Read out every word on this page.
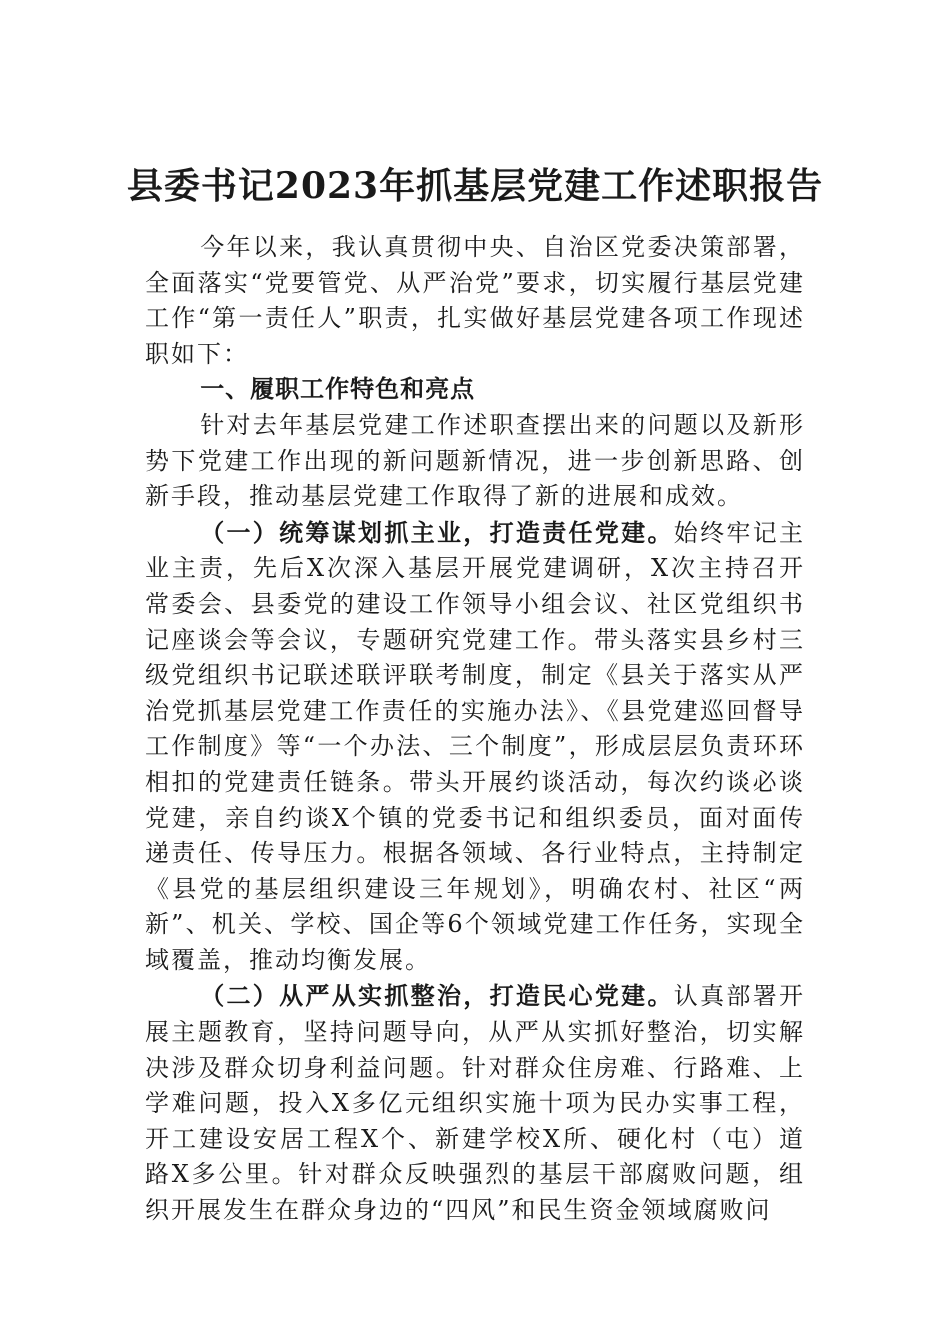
县委书记2023年抓基层党建工作述职报告

今年以来，我认真贯彻中央、自治区党委决策部署，全面落实“党要管党、从严治党”要求，切实履行基层党建工作“第一责任人”职责，扎实做好基层党建各项工作现述职如下：

一、履职工作特色和亮点

针对去年基层党建工作述职查摆出来的问题以及新形势下党建工作出现的新问题新情况，进一步创新思路、创新手段，推动基层党建工作取得了新的进展和成效。

（一）统筹谋划抓主业，打造责任党建。始终牢记主业主责，先后X次深入基层开展党建调研，X次主持召开常委会、县委党的建设工作领导小组会议、社区党组织书记座谈会等会议，专题研究党建工作。带头落实县乡村三级党组织书记联述联评联考制度，制定《县关于落实从严治党抓基层党建工作责任的实施办法》、《县党建巡回督导工作制度》等“一个办法、三个制度”，形成层层负责环环相扣的党建责任链条。带头开展约谈活动，每次约谈必谈党建，亲自约谈X个镇的党委书记和组织委员，面对面传递责任、传导压力。根据各领域、各行业特点，主持制定《县党的基层组织建设三年规划》，明确农村、社区“两新”、机关、学校、国企等6个领域党建工作任务，实现全域覆盖，推动均衡发展。

（二）从严从实抓整治，打造民心党建。认真部署开展主题教育，坚持问题导向，从严从实抓好整治，切实解决涉及群众切身利益问题。针对群众住房难、行路难、上学难问题，投入X多亿元组织实施十项为民办实事工程，开工建设安居工程X个、新建学校X所、硬化村（屯）道路X多公里。针对群众反映强烈的基层干部腐败问题，组织开展发生在群众身边的“四风”和民生资金领域腐败问
